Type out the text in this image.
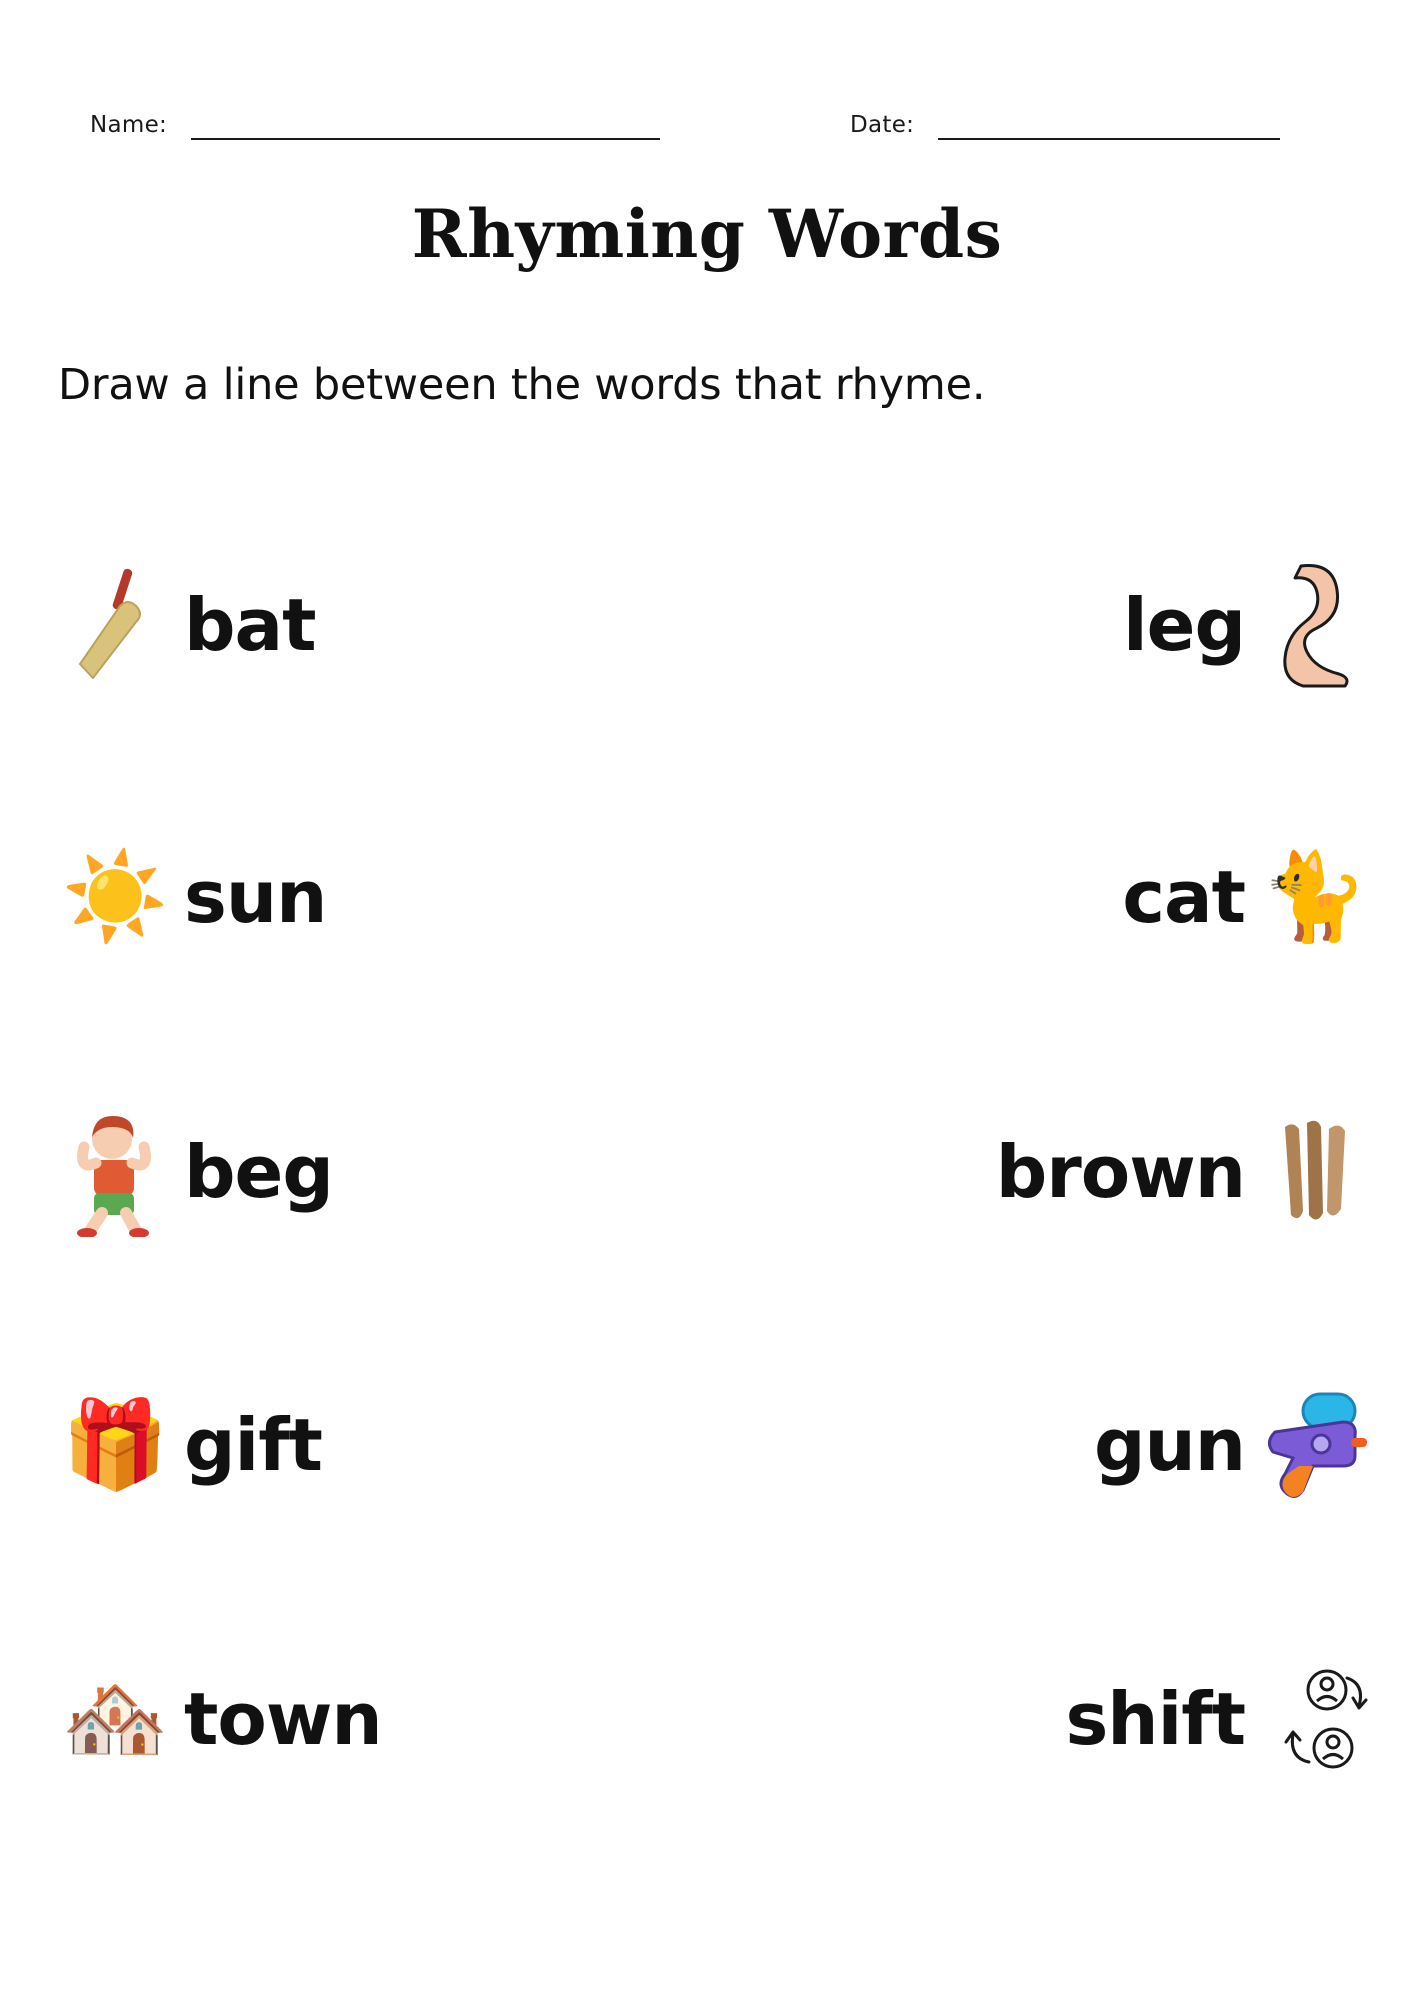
Name:	Date:
Rhyming Words
Draw a line between the words that rhyme.
bat
☀️ sun
beg
🎁 gift
🏘️ town
leg
cat 🐈
brown
gun
shift
